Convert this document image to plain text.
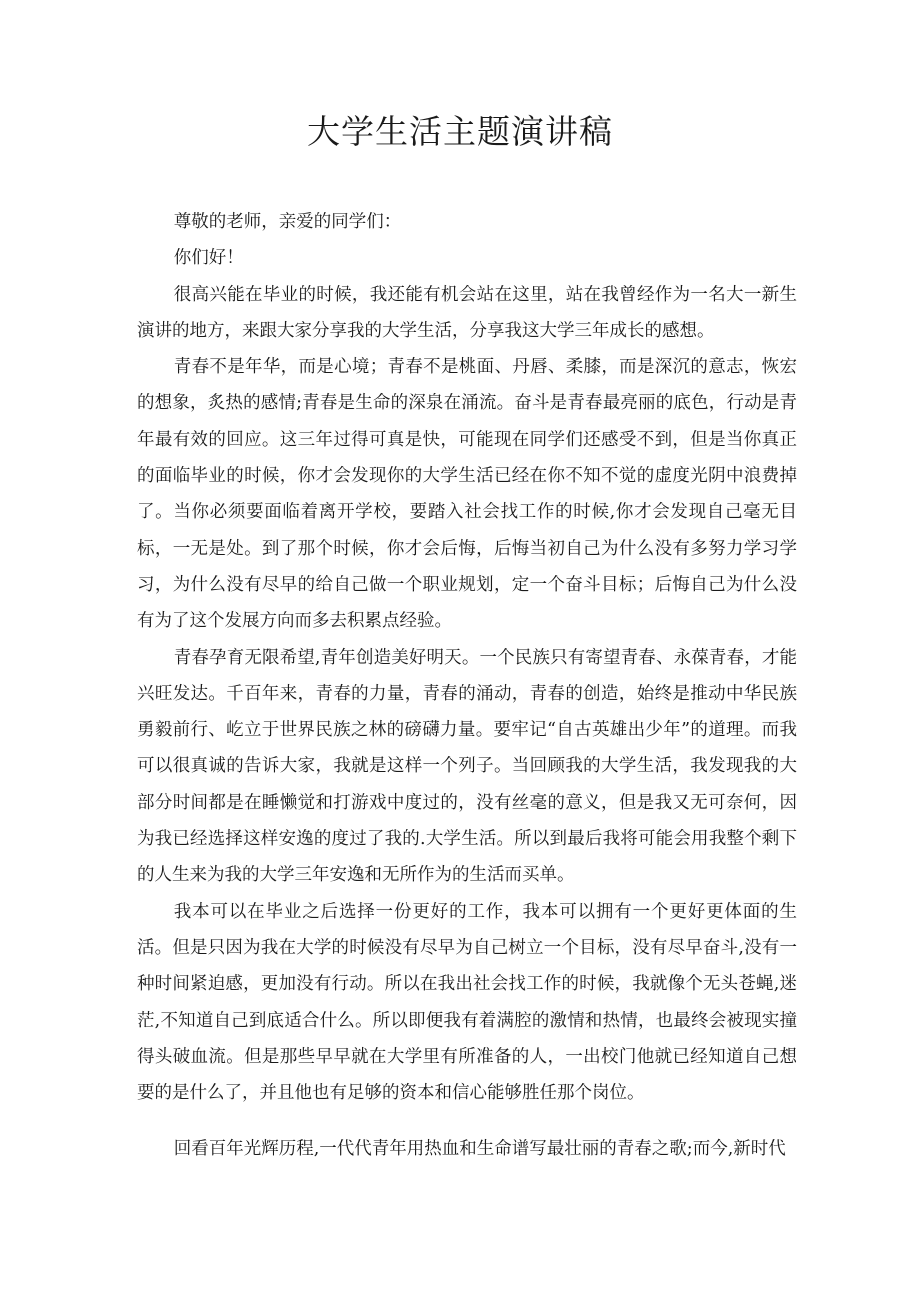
大学生活主题演讲稿

尊敬的老师，亲爱的同学们：

你们好！

很高兴能在毕业的时候，我还能有机会站在这里，站在我曾经作为一名大一新生演讲的地方，来跟大家分享我的大学生活，分享我这大学三年成长的感想。

青春不是年华，而是心境；青春不是桃面、丹唇、柔膝，而是深沉的意志，恢宏的想象，炙热的感情;青春是生命的深泉在涌流。奋斗是青春最亮丽的底色，行动是青年最有效的回应。这三年过得可真是快，可能现在同学们还感受不到，但是当你真正的面临毕业的时候，你才会发现你的大学生活已经在你不知不觉的虚度光阴中浪费掉了。当你必须要面临着离开学校，要踏入社会找工作的时候,你才会发现自己毫无目标，一无是处。到了那个时候，你才会后悔，后悔当初自己为什么没有多努力学习学习，为什么没有尽早的给自己做一个职业规划，定一个奋斗目标；后悔自己为什么没有为了这个发展方向而多去积累点经验。

青春孕育无限希望,青年创造美好明天。一个民族只有寄望青春、永葆青春，才能兴旺发达。千百年来，青春的力量，青春的涌动，青春的创造，始终是推动中华民族勇毅前行、屹立于世界民族之林的磅礴力量。要牢记“自古英雄出少年”的道理。而我可以很真诚的告诉大家，我就是这样一个列子。当回顾我的大学生活，我发现我的大部分时间都是在睡懒觉和打游戏中度过的，没有丝毫的意义，但是我又无可奈何，因为我已经选择这样安逸的度过了我的.大学生活。所以到最后我将可能会用我整个剩下的人生来为我的大学三年安逸和无所作为的生活而买单。

我本可以在毕业之后选择一份更好的工作，我本可以拥有一个更好更体面的生活。但是只因为我在大学的时候没有尽早为自己树立一个目标，没有尽早奋斗,没有一种时间紧迫感，更加没有行动。所以在我出社会找工作的时候，我就像个无头苍蝇,迷茫,不知道自己到底适合什么。所以即便我有着满腔的激情和热情，也最终会被现实撞得头破血流。但是那些早早就在大学里有所准备的人，一出校门他就已经知道自己想要的是什么了，并且他也有足够的资本和信心能够胜任那个岗位。

回看百年光辉历程,一代代青年用热血和生命谱写最壮丽的青春之歌;而今,新时代
